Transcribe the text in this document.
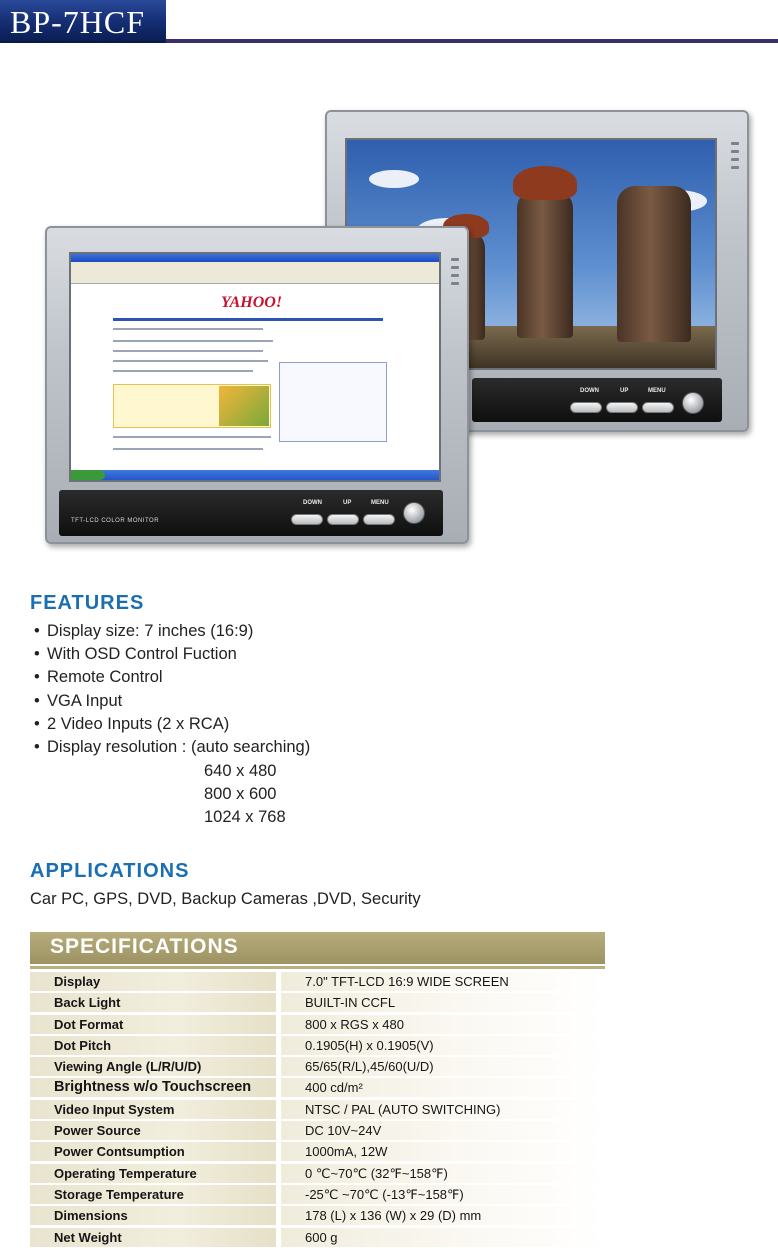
BP-7HCF
DOWN	UP	MENU
YAHOO!
TFT-LCD COLOR MONITOR
DOWN	UP	MENU
FEATURES
• Display size: 7 inches (16:9)
• With OSD Control Fuction
• Remote Control
• VGA Input
• 2 Video Inputs (2 x RCA)
• Display resolution : (auto searching)
640 x 480
800 x 600
1024 x 768
APPLICATIONS
Car PC, GPS, DVD, Backup Cameras ,DVD, Security
SPECIFICATIONS
Display	7.0" TFT-LCD 16:9 WIDE SCREEN
Back Light	BUILT-IN CCFL
Dot Format	800 x RGS x 480
Dot Pitch	0.1905(H) x 0.1905(V)
Viewing Angle (L/R/U/D)	65/65(R/L),45/60(U/D)
Brightness w/o Touchscreen	400 cd/m²
Video Input System	NTSC / PAL (AUTO SWITCHING)
Power Source	DC 10V~24V
Power Contsumption	1000mA, 12W
Operating Temperature	0 ℃~70℃ (32℉~158℉)
Storage Temperature	-25℃ ~70℃ (-13℉~158℉)
Dimensions	178 (L) x 136 (W) x 29 (D) mm
Net Weight	600 g
